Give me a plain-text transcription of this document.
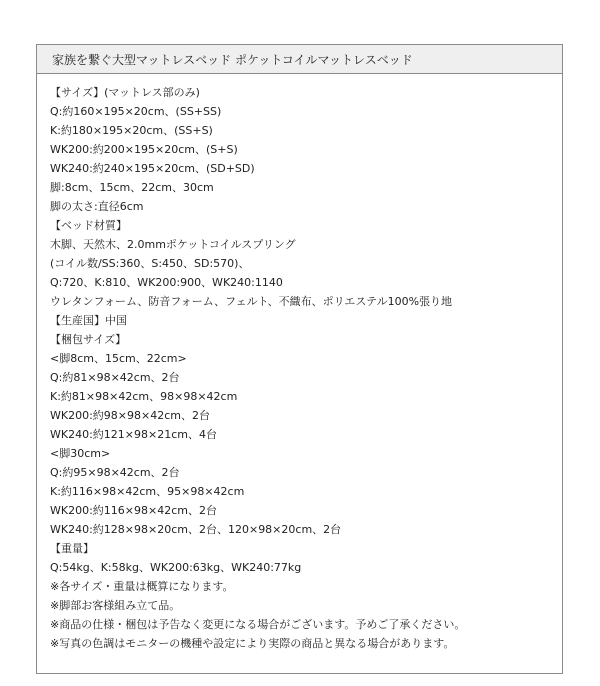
家族を繋ぐ大型マットレスベッド ポケットコイルマットレスベッド
【サイズ】(マットレス部のみ)
Q:約160×195×20cm、(SS+SS)
K:約180×195×20cm、(SS+S)
WK200:約200×195×20cm、(S+S)
WK240:約240×195×20cm、(SD+SD)
脚:8cm、15cm、22cm、30cm
脚の太さ:直径6cm
【ベッド材質】
木脚、天然木、2.0mmポケットコイルスプリング
(コイル数/SS:360、S:450、SD:570)、
Q:720、K:810、WK200:900、WK240:1140
ウレタンフォーム、防音フォーム、フェルト、不織布、ポリエステル100%張り地
【生産国】中国
【梱包サイズ】
<脚8cm、15cm、22cm>
Q:約81×98×42cm、2台
K:約81×98×42cm、98×98×42cm
WK200:約98×98×42cm、2台
WK240:約121×98×21cm、4台
<脚30cm>
Q:約95×98×42cm、2台
K:約116×98×42cm、95×98×42cm
WK200:約116×98×42cm、2台
WK240:約128×98×20cm、2台、120×98×20cm、2台
【重量】
Q:54kg、K:58kg、WK200:63kg、WK240:77kg
※各サイズ・重量は概算になります。
※脚部お客様組み立て品。
※商品の仕様・梱包は予告なく変更になる場合がございます。予めご了承ください。
※写真の色調はモニターの機種や設定により実際の商品と異なる場合があります。
